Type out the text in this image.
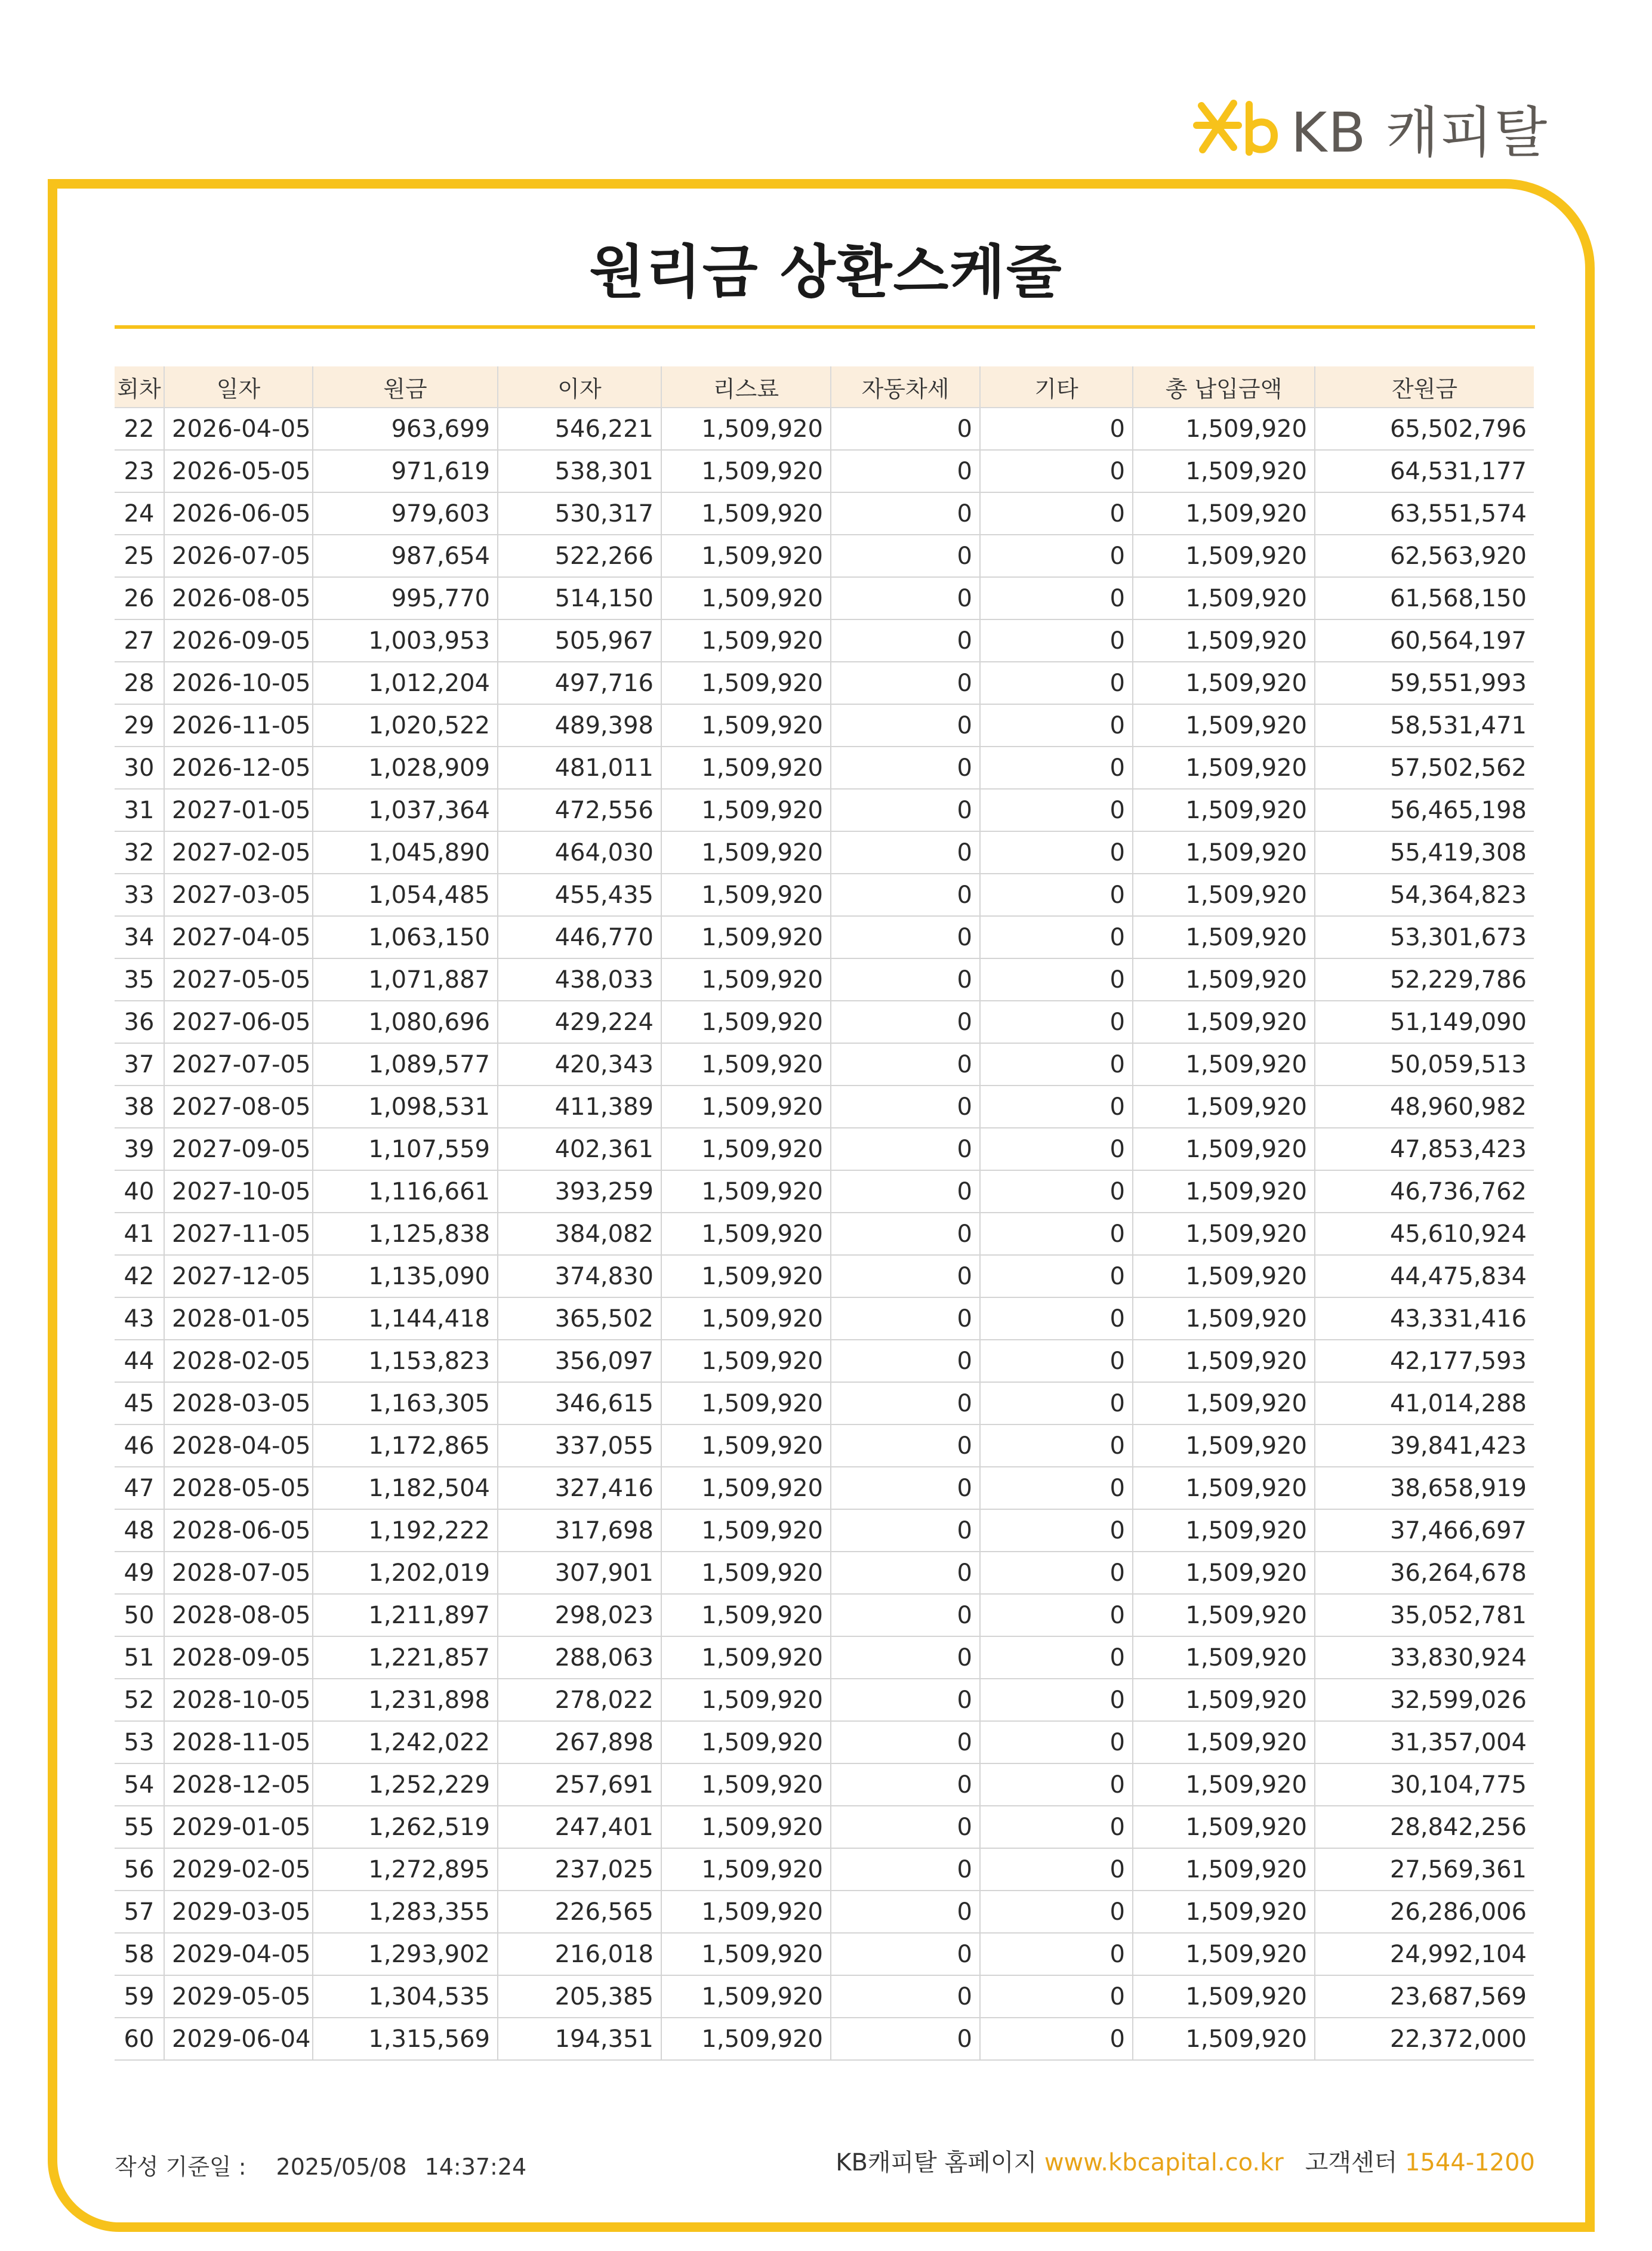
KB 캐피탈
원리금 상환스케줄
회차	일자	원금	이자	리스료	자동차세	기타	총 납입금액	잔원금
22	2026-04-05	963,699	546,221	1,509,920	0	0	1,509,920	65,502,796
23	2026-05-05	971,619	538,301	1,509,920	0	0	1,509,920	64,531,177
24	2026-06-05	979,603	530,317	1,509,920	0	0	1,509,920	63,551,574
25	2026-07-05	987,654	522,266	1,509,920	0	0	1,509,920	62,563,920
26	2026-08-05	995,770	514,150	1,509,920	0	0	1,509,920	61,568,150
27	2026-09-05	1,003,953	505,967	1,509,920	0	0	1,509,920	60,564,197
28	2026-10-05	1,012,204	497,716	1,509,920	0	0	1,509,920	59,551,993
29	2026-11-05	1,020,522	489,398	1,509,920	0	0	1,509,920	58,531,471
30	2026-12-05	1,028,909	481,011	1,509,920	0	0	1,509,920	57,502,562
31	2027-01-05	1,037,364	472,556	1,509,920	0	0	1,509,920	56,465,198
32	2027-02-05	1,045,890	464,030	1,509,920	0	0	1,509,920	55,419,308
33	2027-03-05	1,054,485	455,435	1,509,920	0	0	1,509,920	54,364,823
34	2027-04-05	1,063,150	446,770	1,509,920	0	0	1,509,920	53,301,673
35	2027-05-05	1,071,887	438,033	1,509,920	0	0	1,509,920	52,229,786
36	2027-06-05	1,080,696	429,224	1,509,920	0	0	1,509,920	51,149,090
37	2027-07-05	1,089,577	420,343	1,509,920	0	0	1,509,920	50,059,513
38	2027-08-05	1,098,531	411,389	1,509,920	0	0	1,509,920	48,960,982
39	2027-09-05	1,107,559	402,361	1,509,920	0	0	1,509,920	47,853,423
40	2027-10-05	1,116,661	393,259	1,509,920	0	0	1,509,920	46,736,762
41	2027-11-05	1,125,838	384,082	1,509,920	0	0	1,509,920	45,610,924
42	2027-12-05	1,135,090	374,830	1,509,920	0	0	1,509,920	44,475,834
43	2028-01-05	1,144,418	365,502	1,509,920	0	0	1,509,920	43,331,416
44	2028-02-05	1,153,823	356,097	1,509,920	0	0	1,509,920	42,177,593
45	2028-03-05	1,163,305	346,615	1,509,920	0	0	1,509,920	41,014,288
46	2028-04-05	1,172,865	337,055	1,509,920	0	0	1,509,920	39,841,423
47	2028-05-05	1,182,504	327,416	1,509,920	0	0	1,509,920	38,658,919
48	2028-06-05	1,192,222	317,698	1,509,920	0	0	1,509,920	37,466,697
49	2028-07-05	1,202,019	307,901	1,509,920	0	0	1,509,920	36,264,678
50	2028-08-05	1,211,897	298,023	1,509,920	0	0	1,509,920	35,052,781
51	2028-09-05	1,221,857	288,063	1,509,920	0	0	1,509,920	33,830,924
52	2028-10-05	1,231,898	278,022	1,509,920	0	0	1,509,920	32,599,026
53	2028-11-05	1,242,022	267,898	1,509,920	0	0	1,509,920	31,357,004
54	2028-12-05	1,252,229	257,691	1,509,920	0	0	1,509,920	30,104,775
55	2029-01-05	1,262,519	247,401	1,509,920	0	0	1,509,920	28,842,256
56	2029-02-05	1,272,895	237,025	1,509,920	0	0	1,509,920	27,569,361
57	2029-03-05	1,283,355	226,565	1,509,920	0	0	1,509,920	26,286,006
58	2029-04-05	1,293,902	216,018	1,509,920	0	0	1,509,920	24,992,104
59	2029-05-05	1,304,535	205,385	1,509,920	0	0	1,509,920	23,687,569
60	2029-06-04	1,315,569	194,351	1,509,920	0	0	1,509,920	22,372,000
작성 기준일 : 2025/05/08 14:37:24	KB캐피탈 홈페이지 www.kbcapital.co.kr 고객센터 1544-1200
